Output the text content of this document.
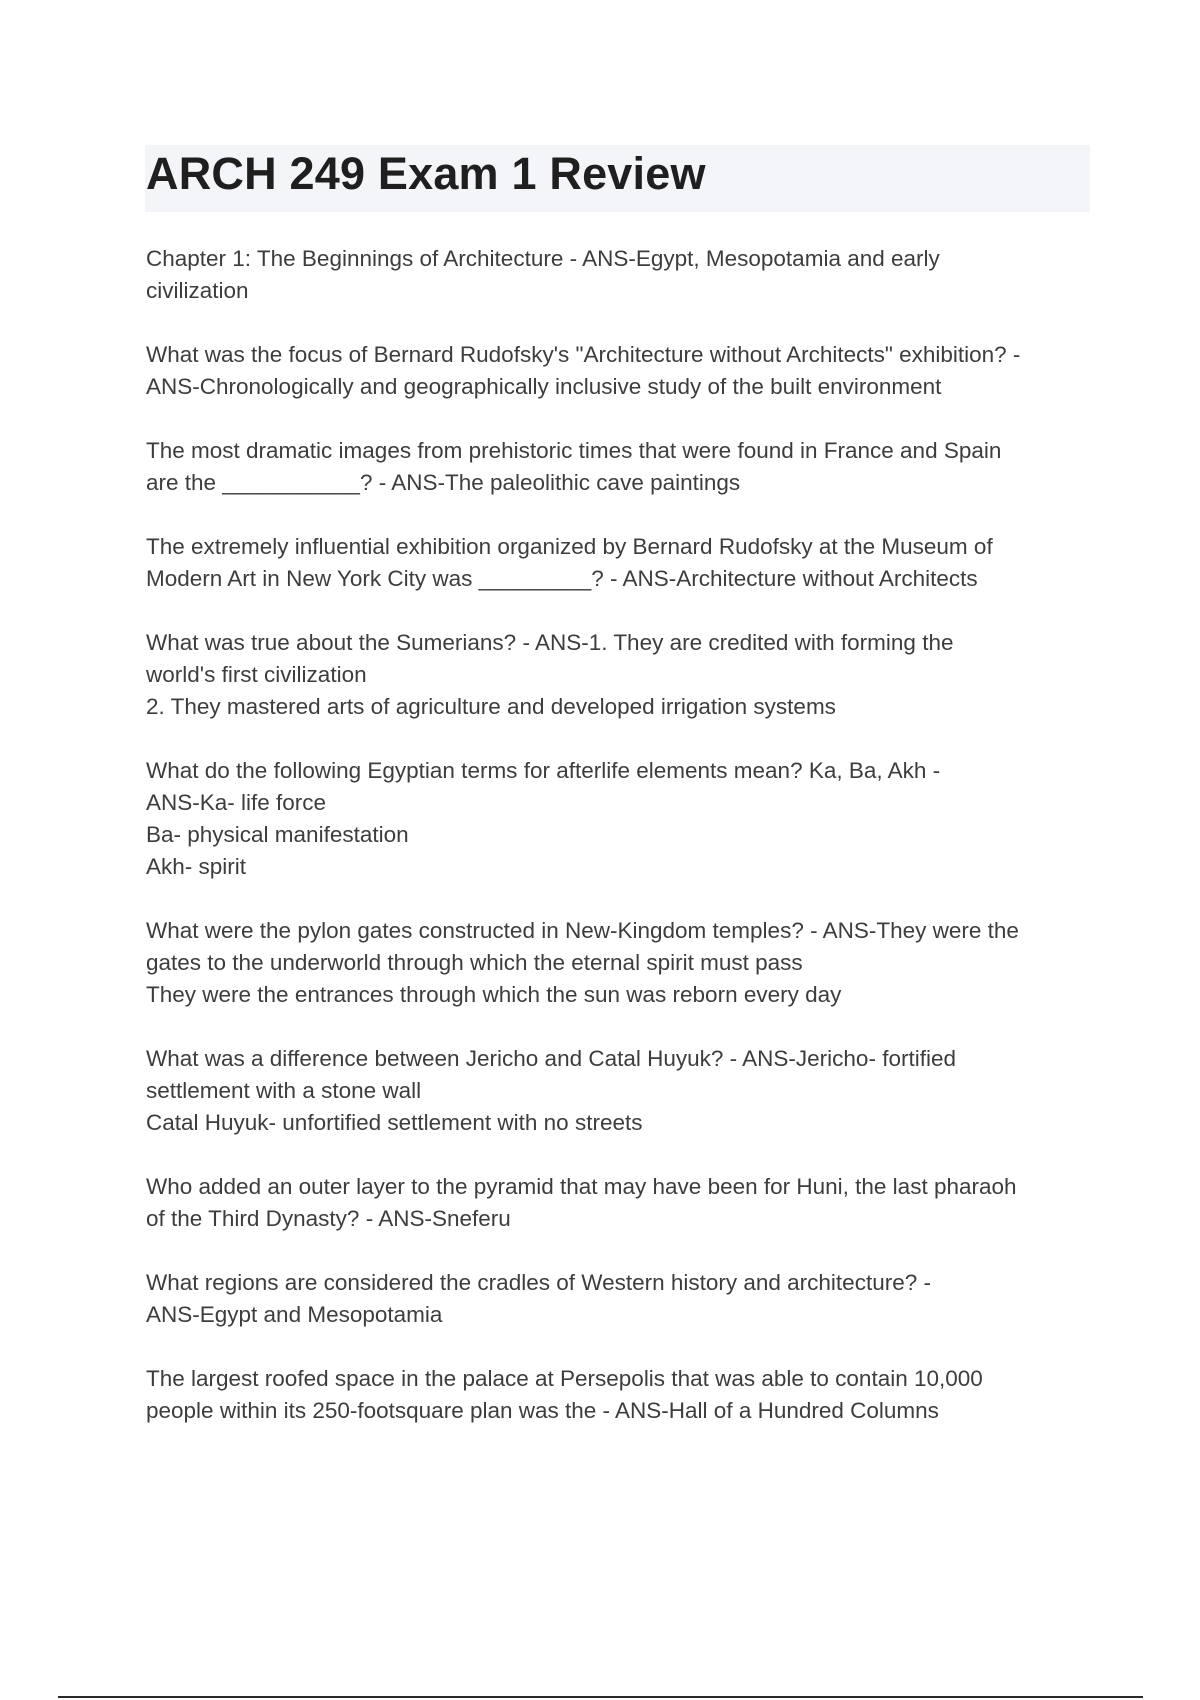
ARCH 249 Exam 1 Review

Chapter 1: The Beginnings of Architecture - ANS-Egypt, Mesopotamia and early
civilization

What was the focus of Bernard Rudofsky's "Architecture without Architects" exhibition? -
ANS-Chronologically and geographically inclusive study of the built environment

The most dramatic images from prehistoric times that were found in France and Spain
are the ___________? - ANS-The paleolithic cave paintings

The extremely influential exhibition organized by Bernard Rudofsky at the Museum of
Modern Art in New York City was _________? - ANS-Architecture without Architects

What was true about the Sumerians? - ANS-1. They are credited with forming the
world's first civilization
2. They mastered arts of agriculture and developed irrigation systems

What do the following Egyptian terms for afterlife elements mean? Ka, Ba, Akh -
ANS-Ka- life force
Ba- physical manifestation
Akh- spirit

What were the pylon gates constructed in New-Kingdom temples? - ANS-They were the
gates to the underworld through which the eternal spirit must pass
They were the entrances through which the sun was reborn every day

What was a difference between Jericho and Catal Huyuk? - ANS-Jericho- fortified
settlement with a stone wall
Catal Huyuk- unfortified settlement with no streets

Who added an outer layer to the pyramid that may have been for Huni, the last pharaoh
of the Third Dynasty? - ANS-Sneferu

What regions are considered the cradles of Western history and architecture? -
ANS-Egypt and Mesopotamia

The largest roofed space in the palace at Persepolis that was able to contain 10,000
people within its 250-footsquare plan was the - ANS-Hall of a Hundred Columns
